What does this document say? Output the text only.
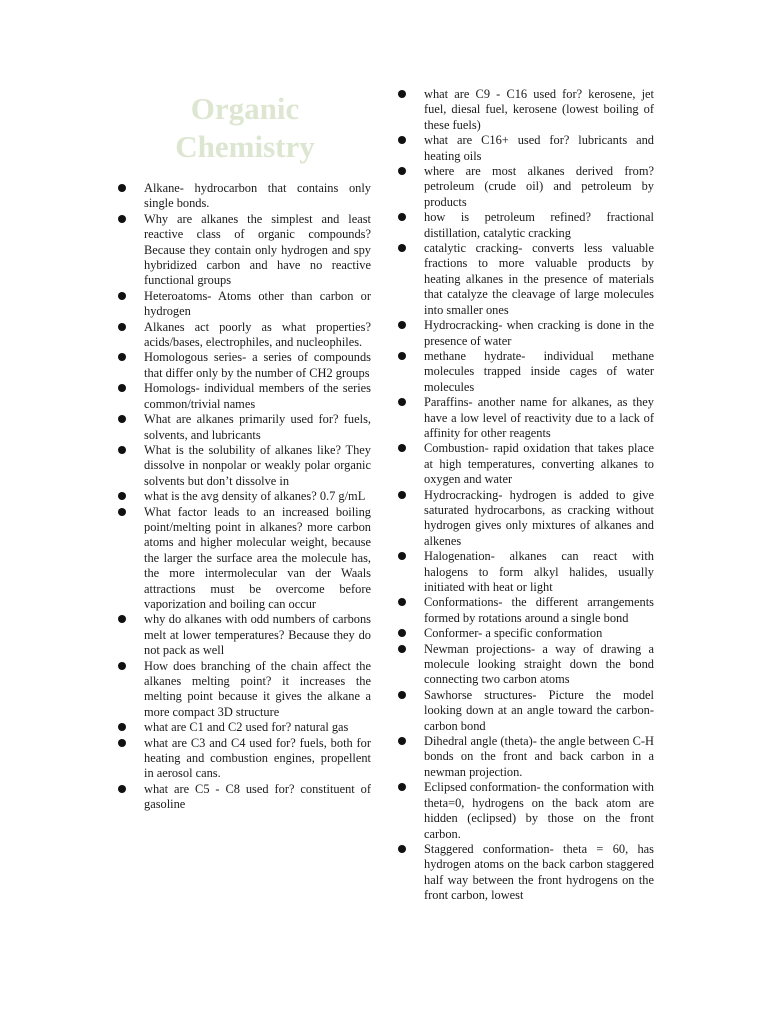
Organic Chemistry
Alkane- hydrocarbon that contains only single bonds.
Why are alkanes the simplest and least reactive class of organic compounds? Because they contain only hydrogen and spy hybridized carbon and have no reactive functional groups
Heteroatoms- Atoms other than carbon or hydrogen
Alkanes act poorly as what properties? acids/bases, electrophiles, and nucleophiles.
Homologous series- a series of compounds that differ only by the number of CH2 groups
Homologs- individual members of the series common/trivial names
What are alkanes primarily used for? fuels, solvents, and lubricants
What is the solubility of alkanes like? They dissolve in nonpolar or weakly polar organic solvents but don’t dissolve in
what is the avg density of alkanes? 0.7 g/mL
What factor leads to an increased boiling point/melting point in alkanes? more carbon atoms and higher molecular weight, because the larger the surface area the molecule has, the more intermolecular van der Waals attractions must be overcome before vaporization and boiling can occur
why do alkanes with odd numbers of carbons melt at lower temperatures? Because they do not pack as well
How does branching of the chain affect the alkanes melting point? it increases the melting point because it gives the alkane a more compact 3D structure
what are C1 and C2 used for? natural gas
what are C3 and C4 used for? fuels, both for heating and combustion engines, propellent in aerosol cans.
what are C5 - C8 used for? constituent of gasoline
what are C9 - C16 used for? kerosene, jet fuel, diesal fuel, kerosene (lowest boiling of these fuels)
what are C16+ used for? lubricants and heating oils
where are most alkanes derived from? petroleum (crude oil) and petroleum by products
how is petroleum refined? fractional distillation, catalytic cracking
catalytic cracking- converts less valuable fractions to more valuable products by heating alkanes in the presence of materials that catalyze the cleavage of large molecules into smaller ones
Hydrocracking- when cracking is done in the presence of water
methane hydrate- individual methane molecules trapped inside cages of water molecules
Paraffins- another name for alkanes, as they have a low level of reactivity due to a lack of affinity for other reagents
Combustion- rapid oxidation that takes place at high temperatures, converting alkanes to oxygen and water
Hydrocracking- hydrogen is added to give saturated hydrocarbons, as cracking without hydrogen gives only mixtures of alkanes and alkenes
Halogenation- alkanes can react with halogens to form alkyl halides, usually initiated with heat or light
Conformations- the different arrangements formed by rotations around a single bond
Conformer- a specific conformation
Newman projections- a way of drawing a molecule looking straight down the bond connecting two carbon atoms
Sawhorse structures- Picture the model looking down at an angle toward the carbon-carbon bond
Dihedral angle (theta)- the angle between C-H bonds on the front and back carbon in a newman projection.
Eclipsed conformation- the conformation with theta=0, hydrogens on the back atom are hidden (eclipsed) by those on the front carbon.
Staggered conformation- theta = 60, has hydrogen atoms on the back carbon staggered half way between the front hydrogens on the front carbon, lowest
